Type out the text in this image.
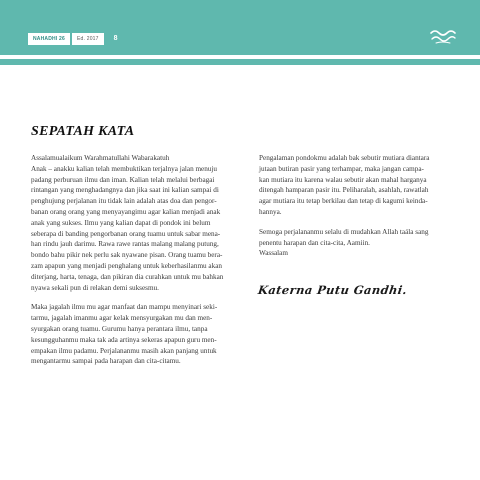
NAHADHI 26	Ed. 2017	8
SEPATAH KATA

Assalamualaikum Warahmatullahi Wabarakatuh
Anak – anakku kalian telah membuktikan terjalnya jalan menuju
padang perburuan ilmu dan iman. Kalian telah melalui berbagai
rintangan yang menghadangnya dan jika saat ini kalian sampai di
penghujung perjalanan itu tidak lain adalah atas doa dan pengor-
banan orang orang yang menyayangimu agar kalian menjadi anak
anak yang sukses. Ilmu yang kalian dapat di pondok ini belum
seberapa di banding pengorbanan orang tuamu untuk sabar mena-
han rindu jauh darimu. Rawa rawe rantas malang malang putung,
bondo bahu pikir nek perlu sak nyawane pisan. Orang tuamu bera-
zam apapun yang menjadi penghalang untuk keberhasilanmu akan
diterjang, harta, tenaga, dan pikiran dia curahkan untuk mu bahkan
nyawa sekali pun di relakan demi suksesmu.

Maka jagalah ilmu mu agar manfaat dan mampu menyinari seki-
tarmu, jagalah imanmu agar kelak mensyurgakan mu dan men-
syurgakan orang tuamu. Gurumu hanya perantara ilmu, tanpa
kesungguhanmu maka tak ada artinya sekeras apapun guru men-
empakan ilmu padamu. Perjalananmu masih akan panjang untuk
mengantarmu sampai pada harapan dan cita-citamu.

Pengalaman pondokmu adalah bak sebutir mutiara diantara
jutaan butiran pasir yang terhampar, maka jangan campa-
kan mutiara itu karena walau sebutir akan mahal harganya
ditengah hamparan pasir itu. Peliharalah, asahlah, rawatlah
agar mutiara itu tetap berkilau dan tetap di kagumi keinda-
hannya.

Semoga perjalananmu selalu di mudahkan Allah taála sang
penentu harapan dan cita-cita, Aamiin.
Wassalam

Katerna Putu Gandhi.
